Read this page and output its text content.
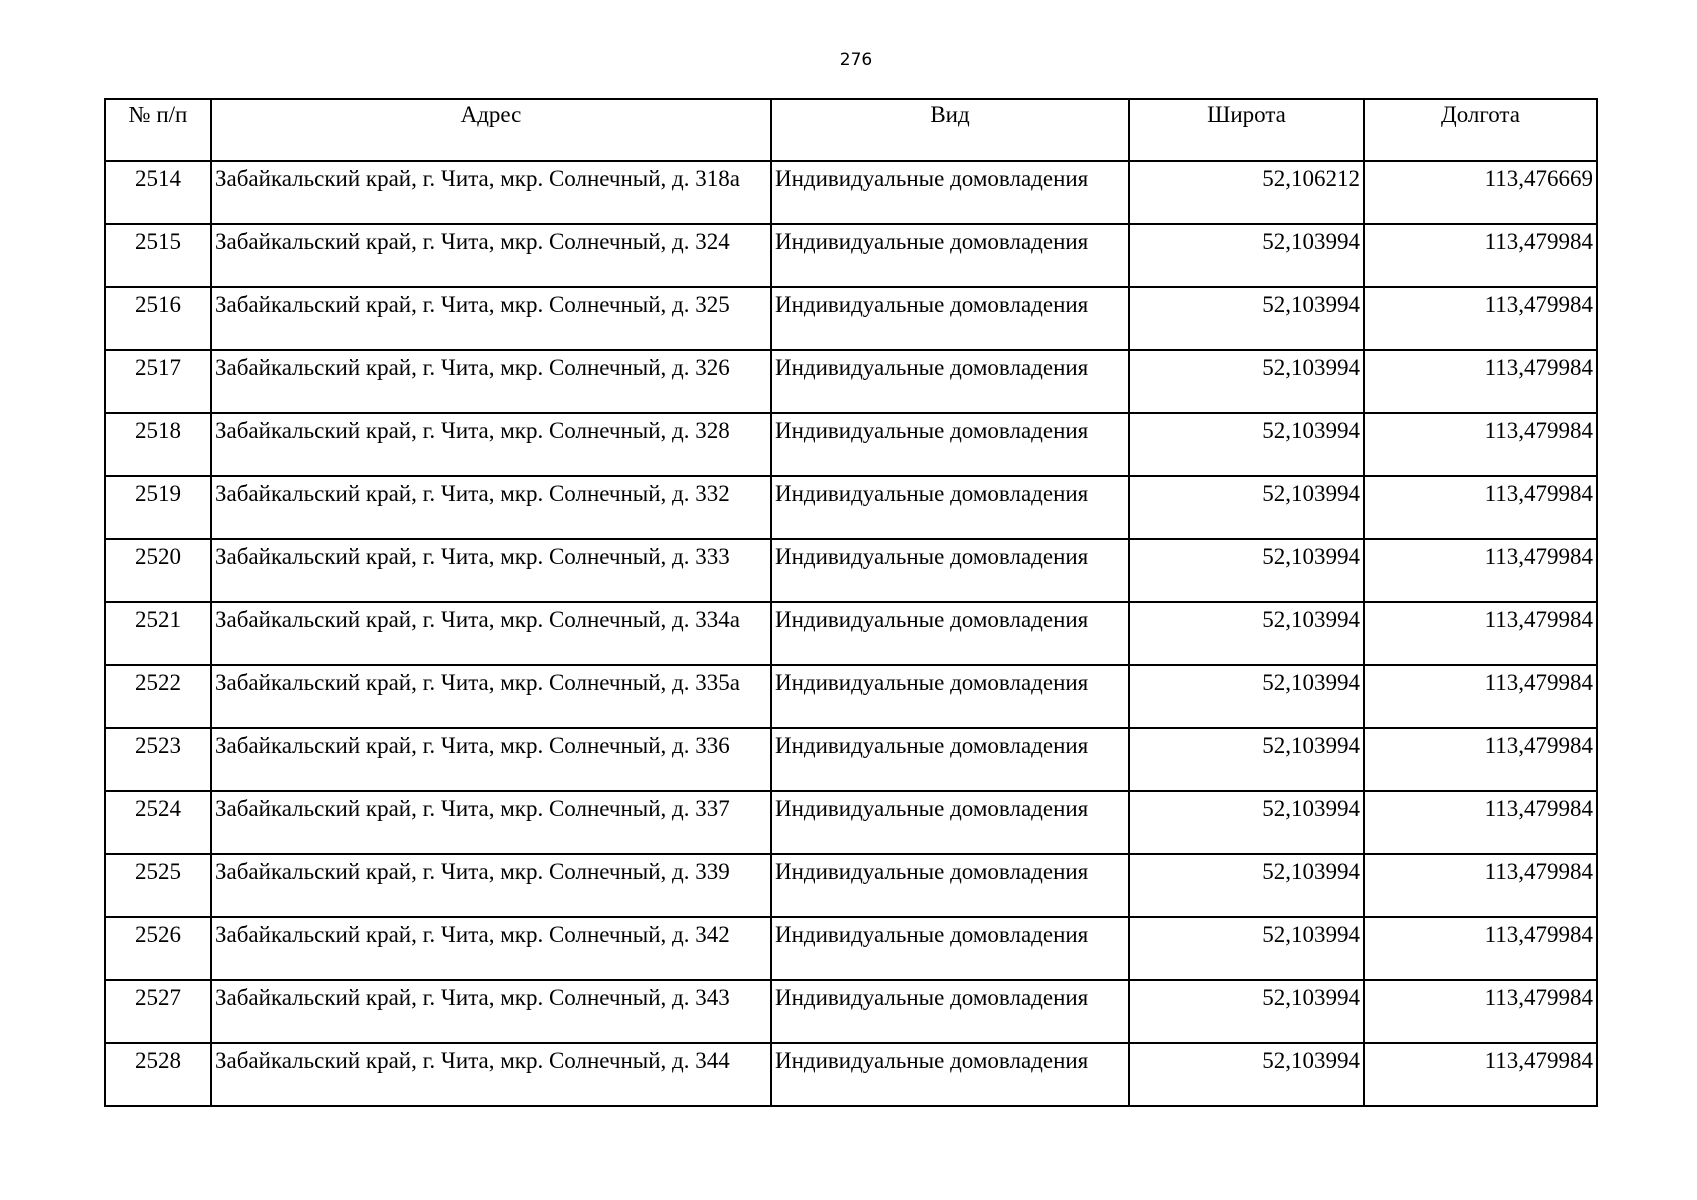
276
№ п/п	Адрес	Вид	Широта	Долгота
2514	Забайкальский край, г. Чита, мкр. Солнечный, д. 318а	Индивидуальные домовладения	52,106212	113,476669
2515	Забайкальский край, г. Чита, мкр. Солнечный, д. 324	Индивидуальные домовладения	52,103994	113,479984
2516	Забайкальский край, г. Чита, мкр. Солнечный, д. 325	Индивидуальные домовладения	52,103994	113,479984
2517	Забайкальский край, г. Чита, мкр. Солнечный, д. 326	Индивидуальные домовладения	52,103994	113,479984
2518	Забайкальский край, г. Чита, мкр. Солнечный, д. 328	Индивидуальные домовладения	52,103994	113,479984
2519	Забайкальский край, г. Чита, мкр. Солнечный, д. 332	Индивидуальные домовладения	52,103994	113,479984
2520	Забайкальский край, г. Чита, мкр. Солнечный, д. 333	Индивидуальные домовладения	52,103994	113,479984
2521	Забайкальский край, г. Чита, мкр. Солнечный, д. 334а	Индивидуальные домовладения	52,103994	113,479984
2522	Забайкальский край, г. Чита, мкр. Солнечный, д. 335а	Индивидуальные домовладения	52,103994	113,479984
2523	Забайкальский край, г. Чита, мкр. Солнечный, д. 336	Индивидуальные домовладения	52,103994	113,479984
2524	Забайкальский край, г. Чита, мкр. Солнечный, д. 337	Индивидуальные домовладения	52,103994	113,479984
2525	Забайкальский край, г. Чита, мкр. Солнечный, д. 339	Индивидуальные домовладения	52,103994	113,479984
2526	Забайкальский край, г. Чита, мкр. Солнечный, д. 342	Индивидуальные домовладения	52,103994	113,479984
2527	Забайкальский край, г. Чита, мкр. Солнечный, д. 343	Индивидуальные домовладения	52,103994	113,479984
2528	Забайкальский край, г. Чита, мкр. Солнечный, д. 344	Индивидуальные домовладения	52,103994	113,479984
